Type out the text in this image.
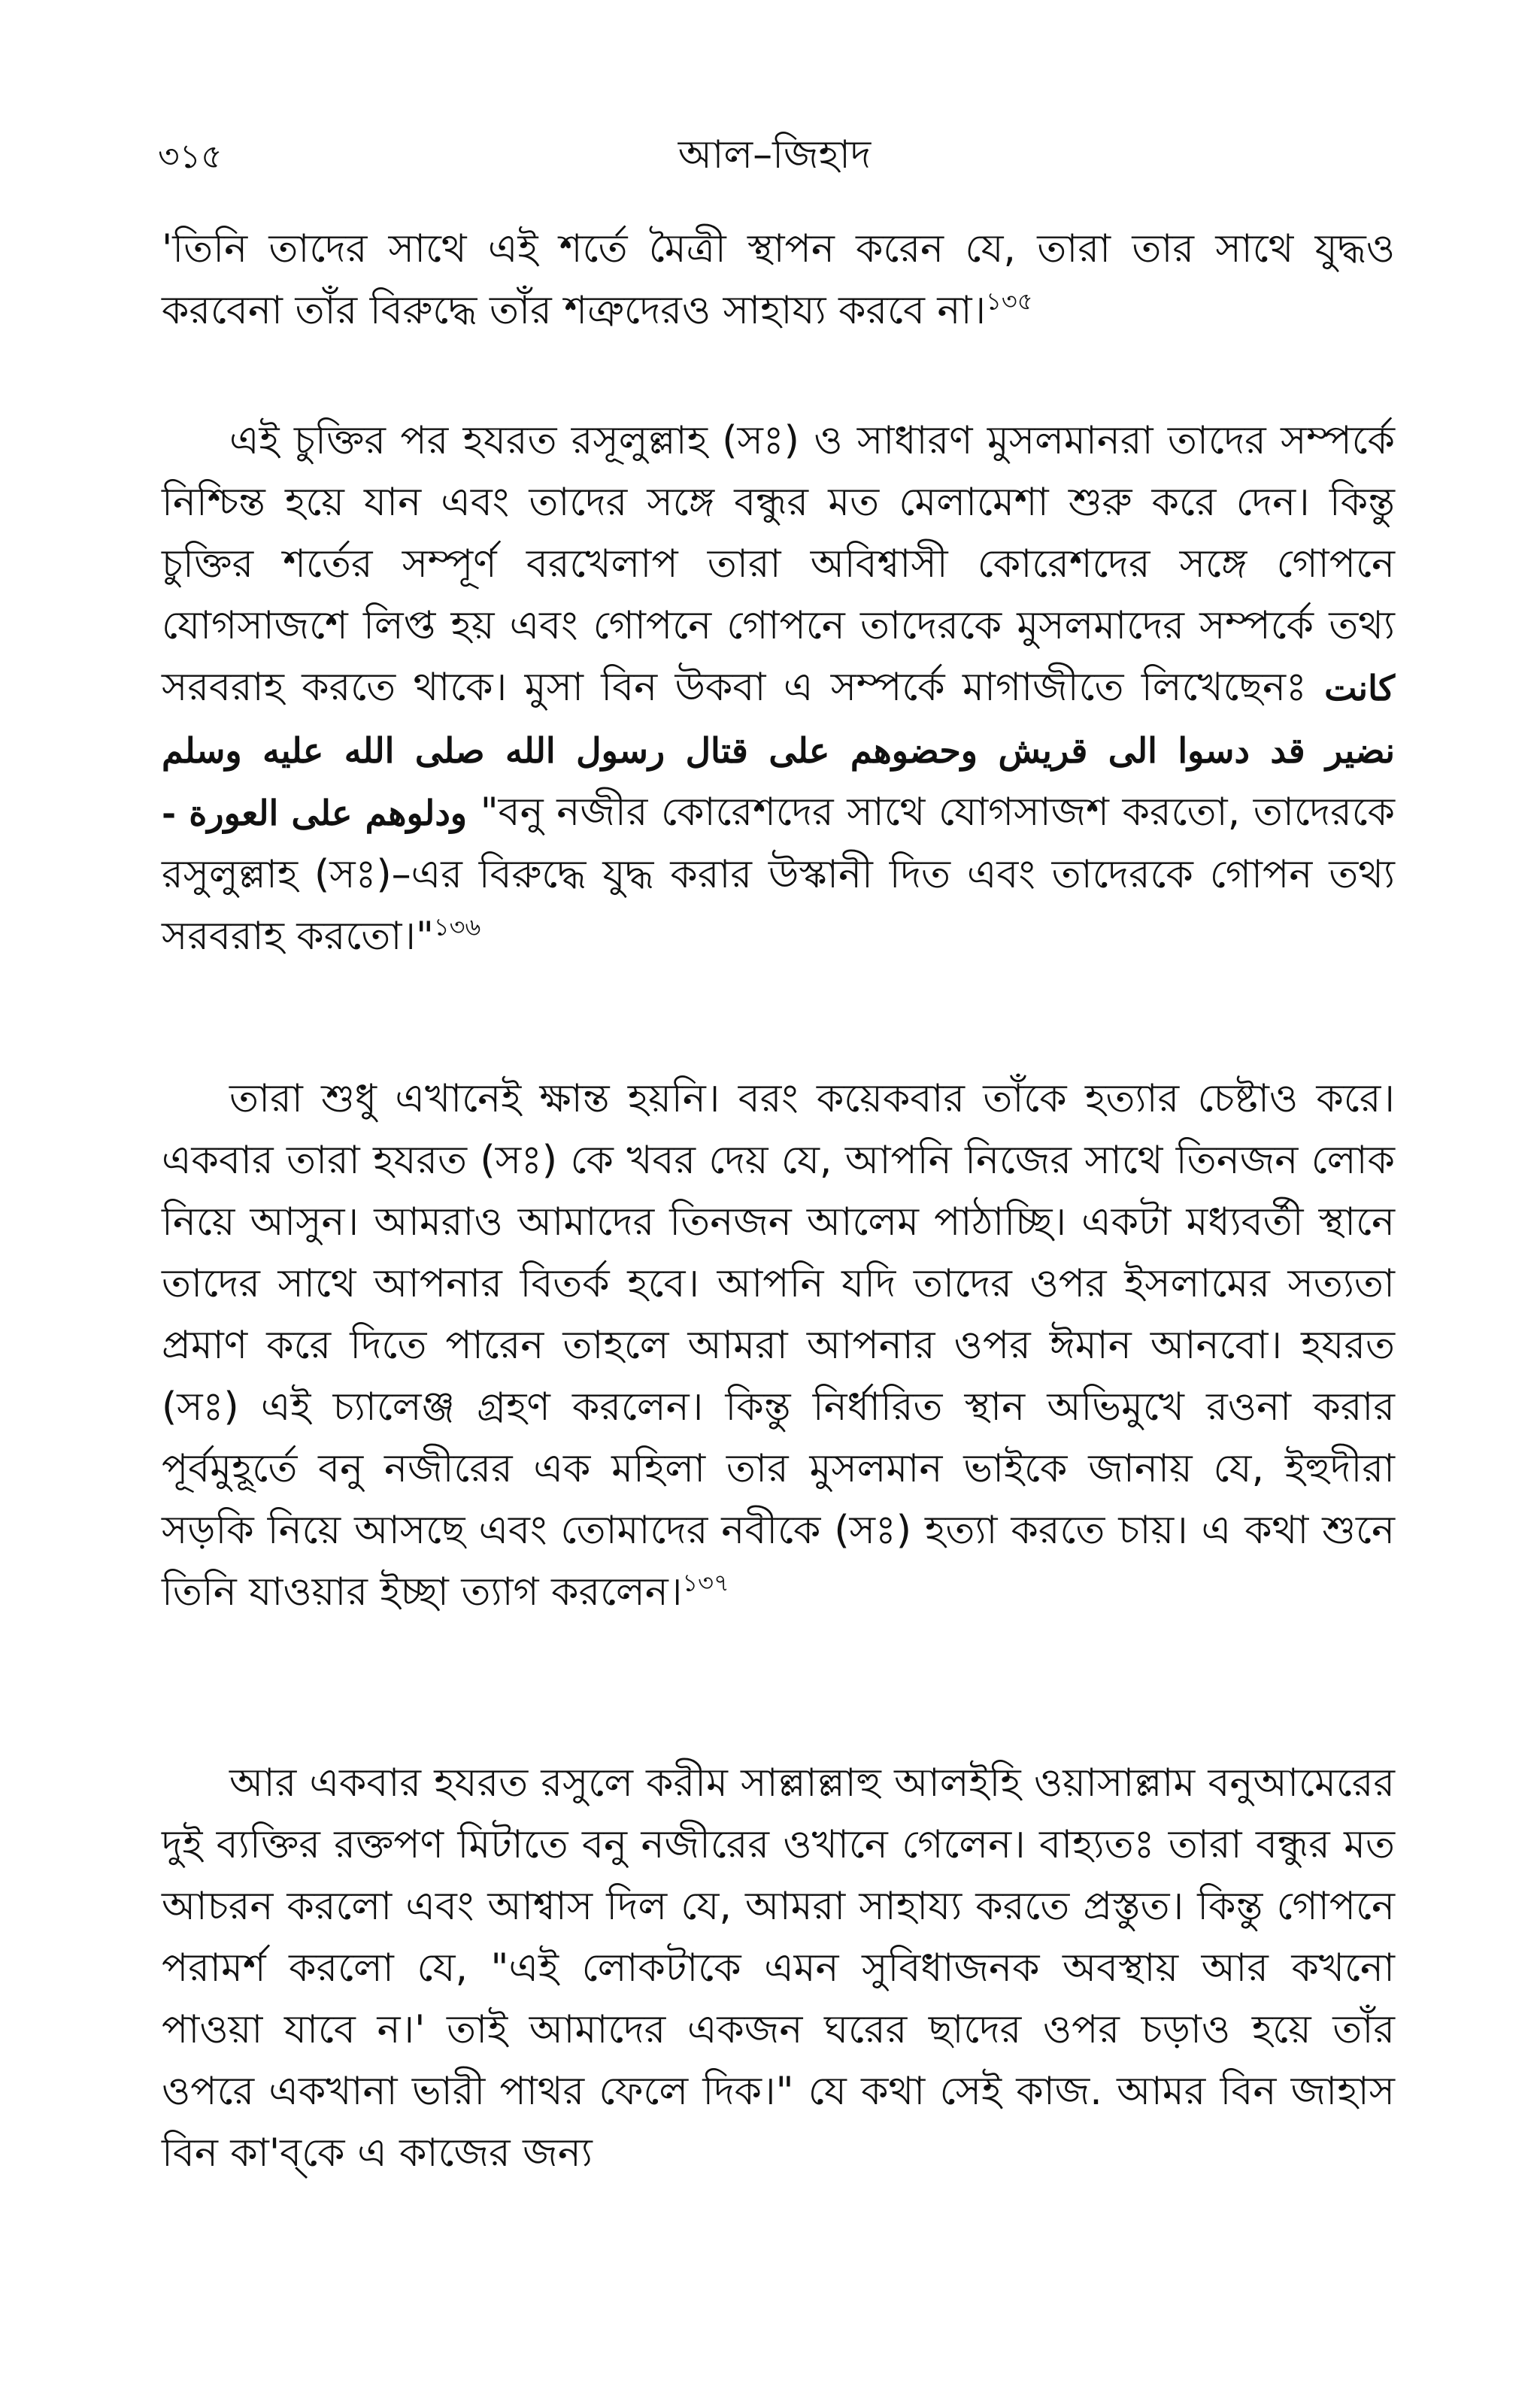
৩১৫	আল–জিহাদ

'তিনি তাদের সাথে এই শর্তে মৈত্রী স্থাপন করেন যে, তারা তার সাথে যুদ্ধও করবেনা তাঁর বিরুদ্ধে তাঁর শত্রুদেরও সাহায্য করবে না।$^{১৩৫}$

এই চুক্তির পর হযরত রসূলুল্লাহ (সঃ) ও সাধারণ মুসলমানরা তাদের সম্পর্কে নিশ্চিন্ত হয়ে যান এবং তাদের সঙ্গে বন্ধুর মত মেলামেশা শুরু করে দেন। কিন্তু চুক্তির শর্তের সম্পূর্ণ বরখেলাপ তারা অবিশ্বাসী কোরেশদের সঙ্গে গোপনে যোগসাজশে লিপ্ত হয় এবং গোপনে গোপনে তাদেরকে মুসলমাদের সম্পর্কে তথ্য সরবরাহ করতে থাকে। মুসা বিন উকবা এ সম্পর্কে মাগাজীতে লিখেছেনঃ كانت نضير قد دسوا الى قريش وحضوهم على قتال رسول الله صلى الله عليه وسلم ودلوهم على العورة - "বনু নজীর কোরেশদের সাথে যোগসাজশ করতো, তাদেরকে রসুলুল্লাহ (সঃ)–এর বিরুদ্ধে যুদ্ধ করার উস্কানী দিত এবং তাদেরকে গোপন তথ্য সরবরাহ করতো।"$^{১৩৬}$

তারা শুধু এখানেই ক্ষান্ত হয়নি। বরং কয়েকবার তাঁকে হত্যার চেষ্টাও করে। একবার তারা হযরত (সঃ) কে খবর দেয় যে, আপনি নিজের সাথে তিনজন লোক নিয়ে আসুন। আমরাও আমাদের তিনজন আলেম পাঠাচ্ছি। একটা মধ্যবর্তী স্থানে তাদের সাথে আপনার বিতর্ক হবে। আপনি যদি তাদের ওপর ইসলামের সত্যতা প্রমাণ করে দিতে পারেন তাহলে আমরা আপনার ওপর ঈমান আনবো। হযরত (সঃ) এই চ্যালেঞ্জ গ্রহণ করলেন। কিন্তু নির্ধারিত স্থান অভিমুখে রওনা করার পূর্বমুহূর্তে বনু নজীরের এক মহিলা তার মুসলমান ভাইকে জানায় যে, ইহুদীরা সড়কি নিয়ে আসছে এবং তোমাদের নবীকে (সঃ) হত্যা করতে চায়। এ কথা শুনে তিনি যাওয়ার ইচ্ছা ত্যাগ করলেন।$^{১৩৭}$

আর একবার হযরত রসুলে করীম সাল্লাল্লাহু আলইহি ওয়াসাল্লাম বনুআমেরের দুই ব্যক্তির রক্তপণ মিটাতে বনু নজীরের ওখানে গেলেন। বাহ্যতঃ তারা বন্ধুর মত আচরন করলো এবং আশ্বাস দিল যে, আমরা সাহায্য করতে প্রস্তুত। কিন্তু গোপনে পরামর্শ করলো যে, "এই লোকটাকে এমন সুবিধাজনক অবস্থায় আর কখনো পাওয়া যাবে ন।' তাই আমাদের একজন ঘরের ছাদের ওপর চড়াও হয়ে তাঁর ওপরে একখানা ভারী পাথর ফেলে দিক।" যে কথা সেই কাজ. আমর বিন জাহাস বিন কা'ব্‌কে এ কাজের জন্য
